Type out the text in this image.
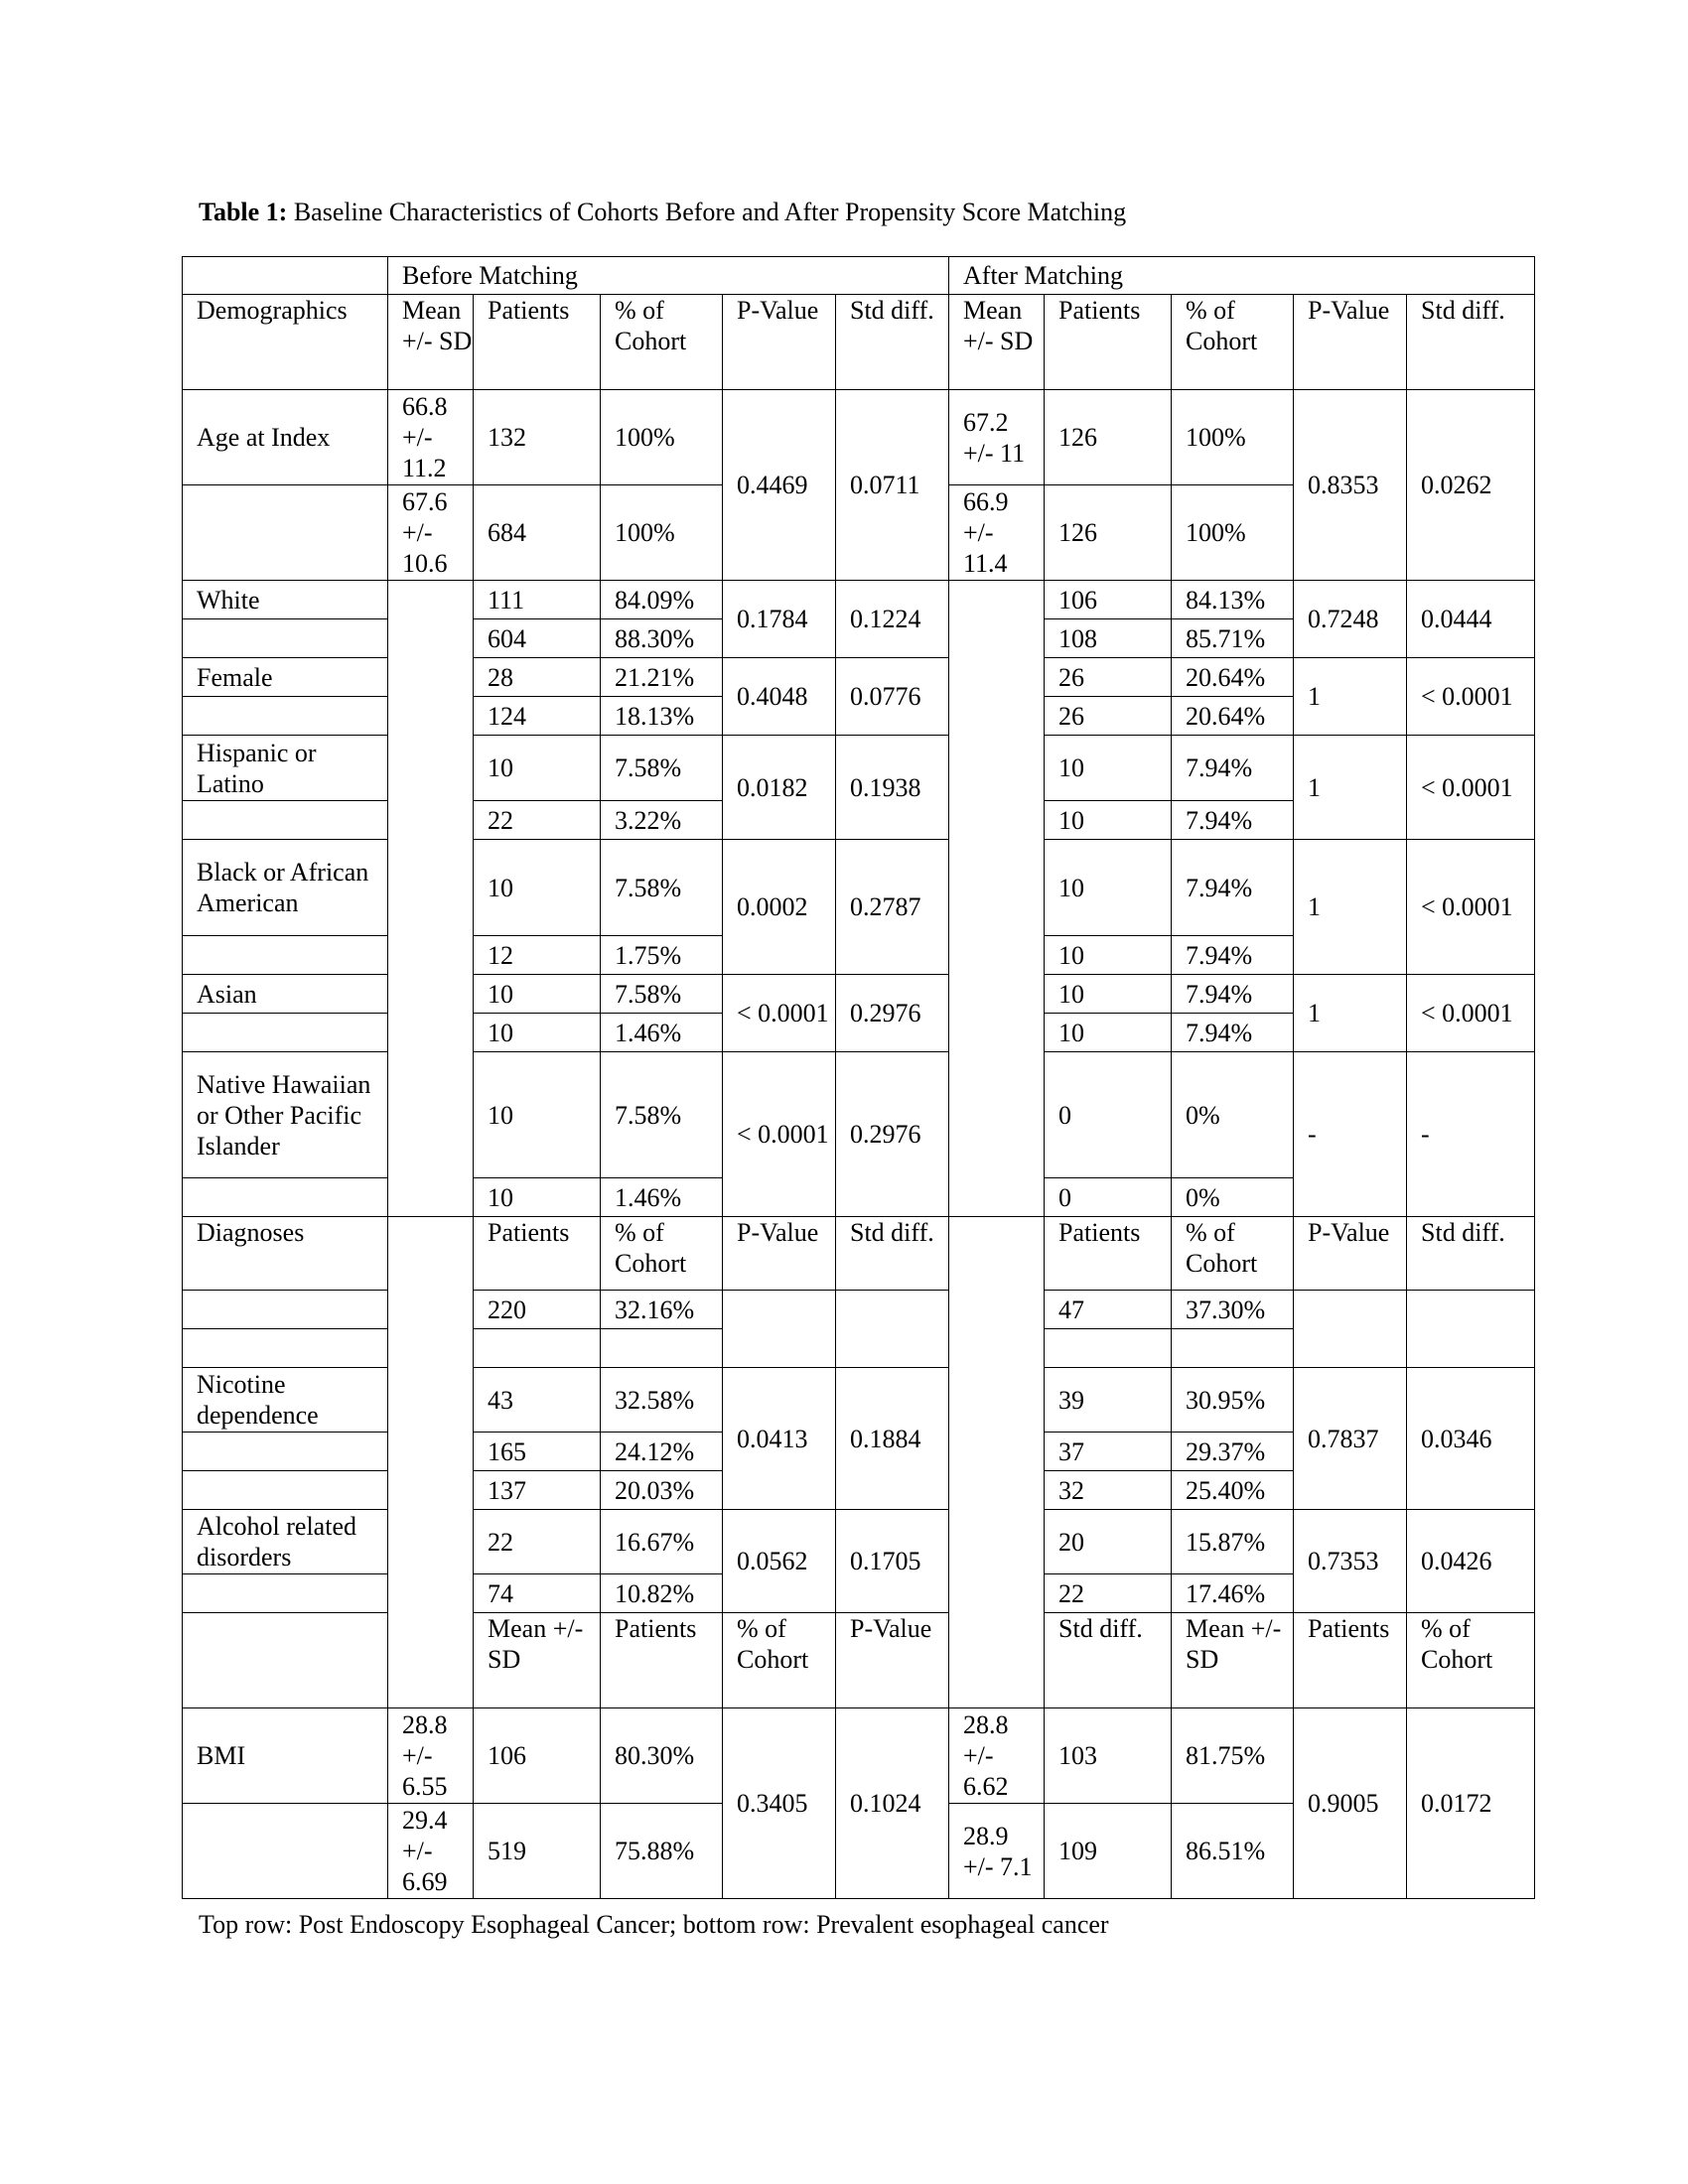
Table 1: Baseline Characteristics of Cohorts Before and After Propensity Score Matching
	Before Matching					After Matching					
Demographics	Mean +/- SD	Patients	% of Cohort	P-Value	Std diff.	Mean +/- SD	Patients	% of Cohort	P-Value	Std diff.	
Age at Index	66.8 +/- 11.2	132	100%	0.4469	0.0711	67.2 +/- 11	126	100%	0.8353	0.0262	
	67.6 +/- 10.6	684	100%			66.9 +/- 11.4	126	100%			
White		111	84.09%	0.1784	0.1224		106	84.13%	0.7248	0.0444	
		604	88.30%				108	85.71%			
Female		28	21.21%	0.4048	0.0776		26	20.64%	1	< 0.0001	
		124	18.13%				26	20.64%			
Hispanic or Latino		10	7.58%	0.0182	0.1938		10	7.94%	1	< 0.0001	
		22	3.22%				10	7.94%			
Black or African American		10	7.58%	0.0002	0.2787		10	7.94%	1	< 0.0001	
		12	1.75%				10	7.94%			
Asian		10	7.58%	< 0.0001	0.2976		10	7.94%	1	< 0.0001	
		10	1.46%				10	7.94%			
Native Hawaiian or Other Pacific Islander		10	7.58%	< 0.0001	0.2976		0	0%	-	-	
		10	1.46%				0	0%			
Diagnoses		Patients	% of Cohort	P-Value	Std diff.		Patients	% of Cohort	P-Value	Std diff.	
		220	32.16%				47	37.30%			

Nicotine dependence		43	32.58%	0.0413	0.1884		39	30.95%	0.7837	0.0346	
		165	24.12%				37	29.37%			
		137	20.03%				32	25.40%			
Alcohol related disorders		22	16.67%	0.0562	0.1705		20	15.87%	0.7353	0.0426	
		74	10.82%				22	17.46%			
		Mean +/- SD	Patients	% of Cohort	P-Value		Std diff.	Mean +/- SD	Patients	% of Cohort		
BMI	28.8 +/- 6.55	106	80.30%	0.3405	0.1024	28.8 +/- 6.62	103	81.75%	0.9005	0.0172	
	29.4 +/- 6.69	519	75.88%			28.9 +/- 7.1	109	86.51%			
Top row: Post Endoscopy Esophageal Cancer; bottom row: Prevalent esophageal cancer
